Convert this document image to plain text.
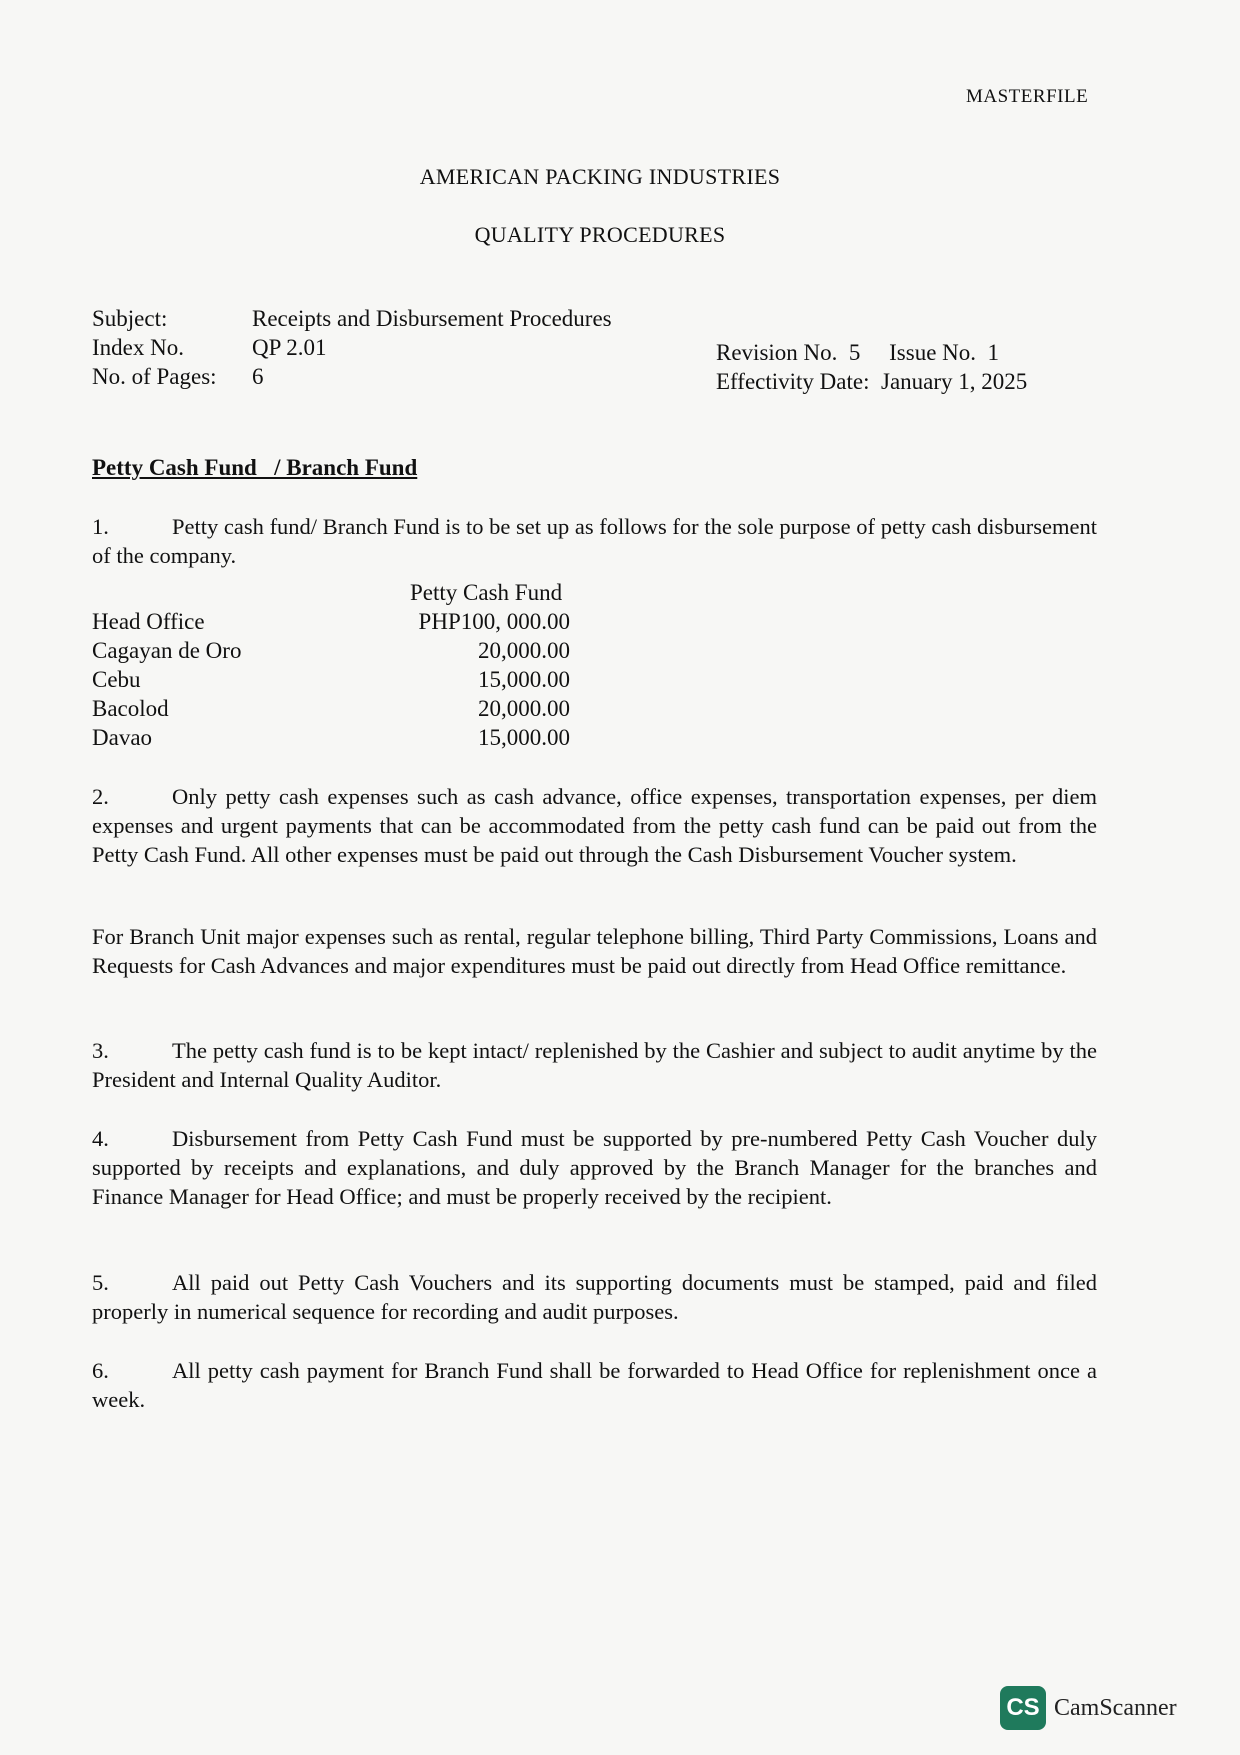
MASTERFILE
AMERICAN PACKING INDUSTRIES
QUALITY PROCEDURES
Subject:	Receipts and Disbursement Procedures
Index No.	QP 2.01
No. of Pages:	6
Revision No.  5     Issue No.  1
Effectivity Date:  January 1, 2025
Petty Cash Fund   / Branch Fund
1.	Petty cash fund/ Branch Fund is to be set up as follows for the sole purpose of petty cash disbursement of the company.
Petty Cash Fund
Head Office	PHP100, 000.00
Cagayan de Oro	20,000.00
Cebu	15,000.00
Bacolod	20,000.00
Davao	15,000.00
2.	Only petty cash expenses such as cash advance, office expenses, transportation expenses, per diem expenses and urgent payments that can be accommodated from the petty cash fund can be paid out from the Petty Cash Fund. All other expenses must be paid out through the Cash Disbursement Voucher system.
For Branch Unit major expenses such as rental, regular telephone billing, Third Party Commissions, Loans and Requests for Cash Advances and major expenditures must be paid out directly from Head Office remittance.
3.	The petty cash fund is to be kept intact/ replenished by the Cashier and subject to audit anytime by the President and Internal Quality Auditor.
4.	Disbursement from Petty Cash Fund must be supported by pre-numbered Petty Cash Voucher duly supported by receipts and explanations, and duly approved by the Branch Manager for the branches and Finance Manager for Head Office; and must be properly received by the recipient.
5.	All paid out Petty Cash Vouchers and its supporting documents must be stamped, paid and filed properly in numerical sequence for recording and audit purposes.
6.	All petty cash payment for Branch Fund shall be forwarded to Head Office for replenishment once a week.
CS CamScanner
